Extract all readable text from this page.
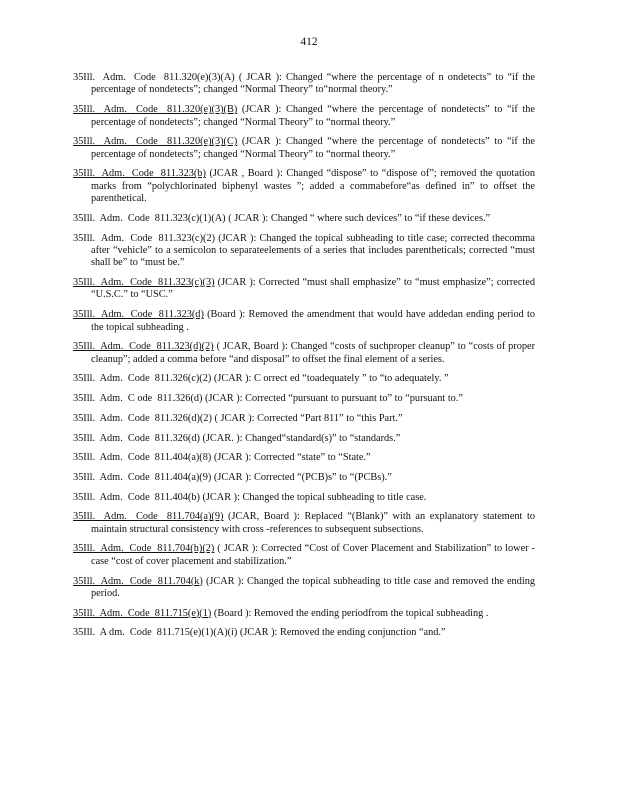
412
35Ill.  Adm.  Code  811.320(e)(3)(A) ( JCAR ): Changed “where the percentage of n ondetects” to “if the percentage of nondetects”; changed “Normal Theory” to“normal theory.”
35Ill.  Adm.  Code  811.320(e)(3)(B) (JCAR ): Changed “where the percentage of nondetects” to “if the percentage of nondetects”; changed “Normal Theory” to “normal theory.”
35Ill.  Adm.  Code  811.320(e)(3)(C) (JCAR ): Changed “where the percentage of nondetects” to “if the percentage of nondetects”; changed “Normal Theory” to “normal theory.”
35Ill.  Adm.  Code  811.323(b) (JCAR , Board ): Changed “dispose” to “dispose of”; removed the quotation marks from “polychlorinated biphenyl wastes ”; added a commabefore“as defined in” to offset the parenthetical.
35Ill.  Adm.  Code  811.323(c)(1)(A) ( JCAR ): Changed “ where such devices” to “if these devices.”
35Ill.  Adm.  Code  811.323(c)(2) (JCAR ): Changed the topical subheading to title case; corrected thecomma after “vehicle” to a semicolon to separateelements of a series that includes parentheticals; corrected “must shall be” to “must be.”
35Ill.  Adm.  Code  811.323(c)(3) (JCAR ): Corrected “must shall emphasize” to “must emphasize”; corrected “U.S.C.” to “USC.”
35Ill.  Adm.  Code  811.323(d) (Board ): Removed the amendment that would have addedan ending period to the topical subheading .
35Ill.  Adm.  Code  811.323(d)(2) ( JCAR, Board ): Changed “costs of suchproper cleanup” to “costs of proper cleanup”; added a comma before “and disposal” to offset the final element of a series.
35Ill.  Adm.  Code  811.326(c)(2) (JCAR ): C orrect ed “toadequately ” to “to adequately. ”
35Ill.  Adm.  C ode  811.326(d) (JCAR ): Corrected “pursuant to pursuant to” to “pursuant to.”
35Ill.  Adm.  Code  811.326(d)(2) ( JCAR ): Corrected “Part 811” to “this Part.”
35Ill.  Adm.  Code  811.326(d) (JCAR. ): Changed“standard(s)” to “standards.”
35Ill.  Adm.  Code  811.404(a)(8) (JCAR ): Corrected “state” to “State.”
35Ill.  Adm.  Code  811.404(a)(9) (JCAR ): Corrected “(PCB)s” to “(PCBs).”
35Ill.  Adm.  Code  811.404(b) (JCAR ): Changed the topical subheading to title case.
35Ill.  Adm.  Code  811.704(a)(9) (JCAR, Board ): Replaced “(Blank)” with an explanatory statement to maintain structural consistency with cross -references to subsequent subsections.
35Ill.  Adm.  Code  811.704(h)(2) ( JCAR ): Corrected “Cost of Cover Placement and Stabilization” to lower -case “cost of cover placement and stabilization.”
35Ill.  Adm.  Code  811.704(k) (JCAR ): Changed the topical subheading to title case and removed the ending period.
35Ill.  Adm.  Code  811.715(e)(1) (Board ): Removed the ending periodfrom the topical subheading .
35Ill.  A dm.  Code  811.715(e)(1)(A)(i) (JCAR ): Removed the ending conjunction “and.”
